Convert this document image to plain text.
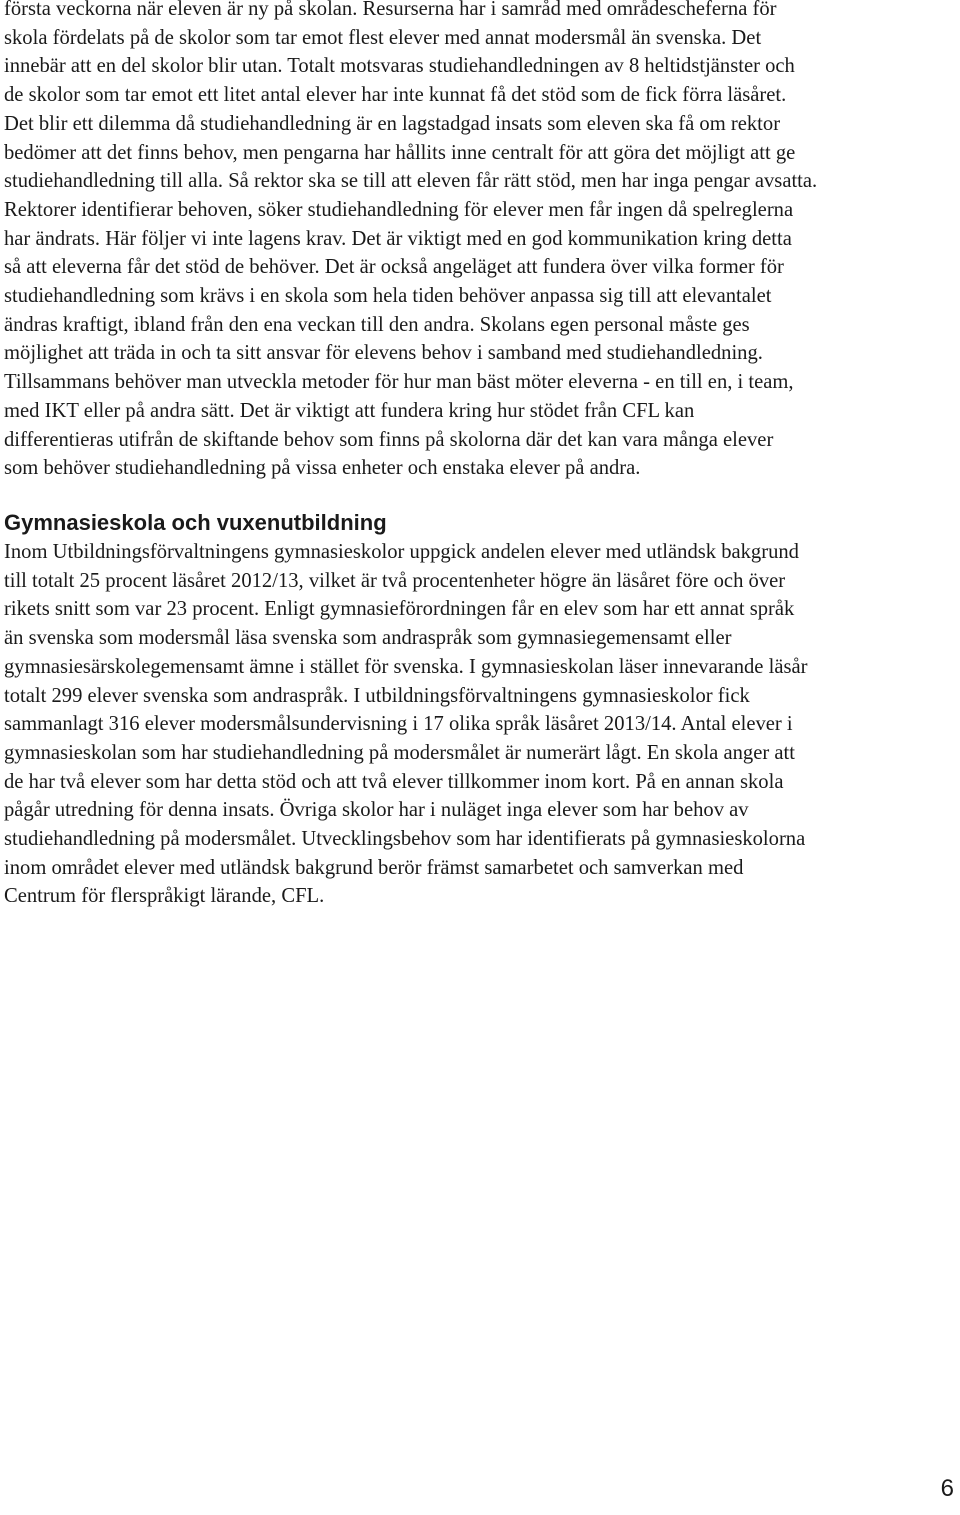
första veckorna när eleven är ny på skolan. Resurserna har i samråd med områdescheferna för
skola fördelats på de skolor som tar emot flest elever med annat modersmål än svenska. Det
innebär att en del skolor blir utan. Totalt motsvaras studiehandledningen av 8 heltidstjänster och
de skolor som tar emot ett litet antal elever har inte kunnat få det stöd som de fick förra läsåret.
Det blir ett dilemma då studiehandledning är en lagstadgad insats som eleven ska få om rektor
bedömer att det finns behov, men pengarna har hållits inne centralt för att göra det möjligt att ge
studiehandledning till alla. Så rektor ska se till att eleven får rätt stöd, men har inga pengar avsatta.
Rektorer identifierar behoven, söker studiehandledning för elever men får ingen då spelreglerna
har ändrats. Här följer vi inte lagens krav. Det är viktigt med en god kommunikation kring detta
så att eleverna får det stöd de behöver. Det är också angeläget att fundera över vilka former för
studiehandledning som krävs i en skola som hela tiden behöver anpassa sig till att elevantalet
ändras kraftigt, ibland från den ena veckan till den andra. Skolans egen personal måste ges
möjlighet att träda in och ta sitt ansvar för elevens behov i samband med studiehandledning.
Tillsammans behöver man utveckla metoder för hur man bäst möter eleverna - en till en, i team,
med IKT eller på andra sätt. Det är viktigt att fundera kring hur stödet från CFL kan
differentieras utifrån de skiftande behov som finns på skolorna där det kan vara många elever
som behöver studiehandledning på vissa enheter och enstaka elever på andra.

Gymnasieskola och vuxenutbildning

Inom Utbildningsförvaltningens gymnasieskolor uppgick andelen elever med utländsk bakgrund
till totalt 25 procent läsåret 2012/13, vilket är två procentenheter högre än läsåret före och över
rikets snitt som var 23 procent. Enligt gymnasieförordningen får en elev som har ett annat språk
än svenska som modersmål läsa svenska som andraspråk som gymnasiegemensamt eller
gymnasiesärskolegemensamt ämne i stället för svenska. I gymnasieskolan läser innevarande läsår
totalt 299 elever svenska som andraspråk. I utbildningsförvaltningens gymnasieskolor fick
sammanlagt 316 elever modersmålsundervisning i 17 olika språk läsåret 2013/14. Antal elever i
gymnasieskolan som har studiehandledning på modersmålet är numerärt lågt. En skola anger att
de har två elever som har detta stöd och att två elever tillkommer inom kort. På en annan skola
pågår utredning för denna insats. Övriga skolor har i nuläget inga elever som har behov av
studiehandledning på modersmålet. Utvecklingsbehov som har identifierats på gymnasieskolorna
inom området elever med utländsk bakgrund berör främst samarbetet och samverkan med
Centrum för flerspråkigt lärande, CFL.

6
